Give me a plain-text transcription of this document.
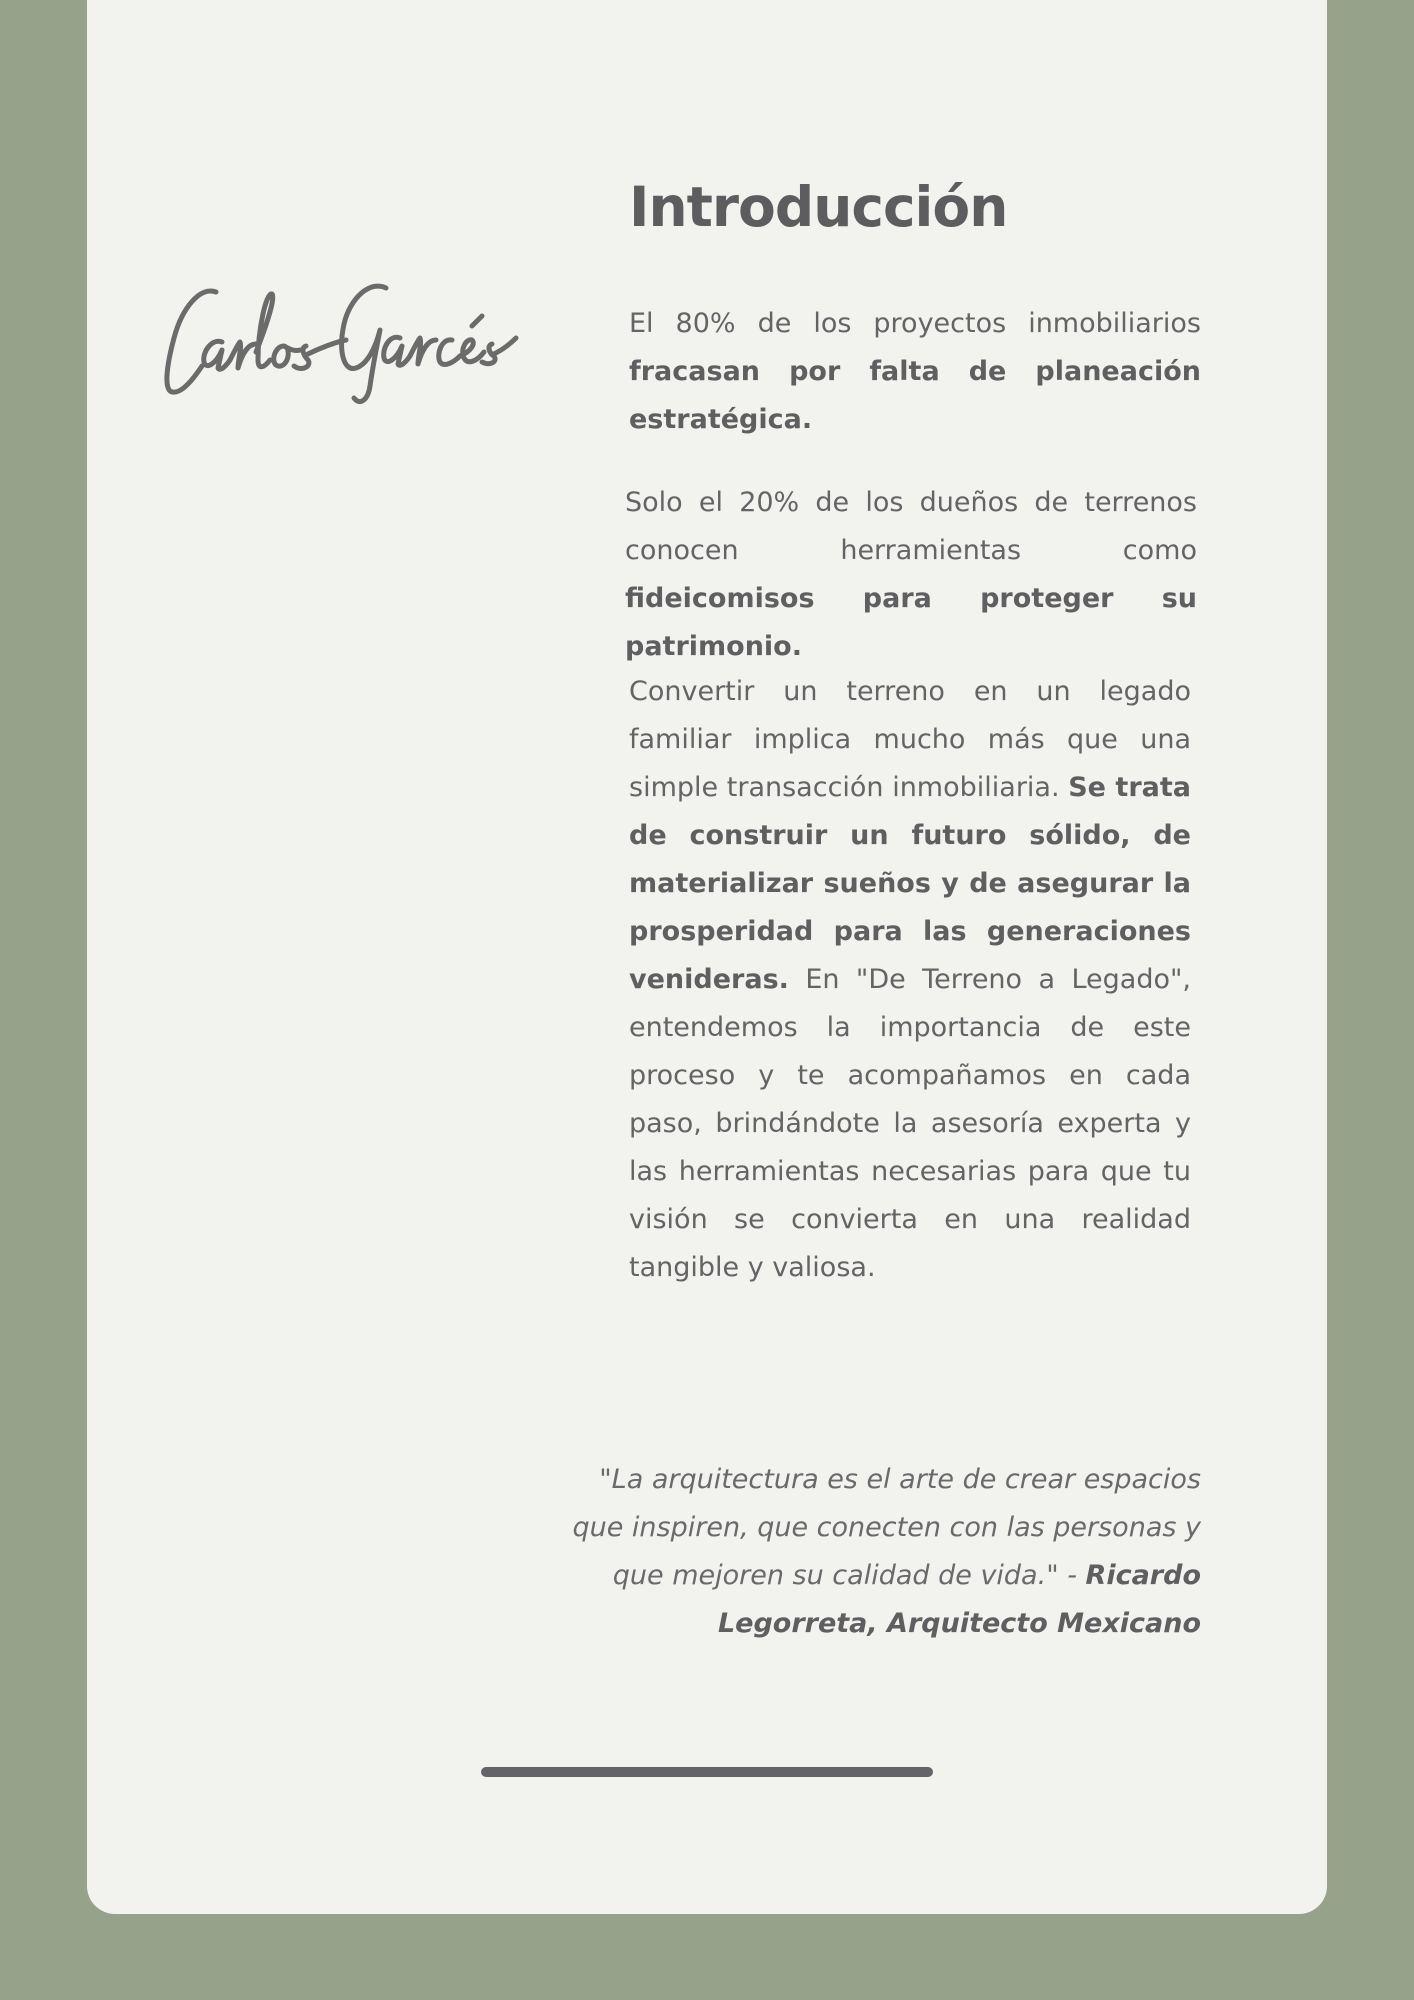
Introducción

El 80% de los proyectos inmobiliarios fracasan por falta de planeación estratégica.

Solo el 20% de los dueños de terrenos conocen herramientas como fideicomisos para proteger su patrimonio.

Convertir un terreno en un legado familiar implica mucho más que una simple transacción inmobiliaria. Se trata de construir un futuro sólido, de materializar sueños y de asegurar la prosperidad para las generaciones venideras. En "De Terreno a Legado", entendemos la importancia de este proceso y te acompañamos en cada paso, brindándote la asesoría experta y las herramientas necesarias para que tu visión se convierta en una realidad tangible y valiosa.

"La arquitectura es el arte de crear espacios que inspiren, que conecten con las personas y que mejoren su calidad de vida." - Ricardo Legorreta, Arquitecto Mexicano
